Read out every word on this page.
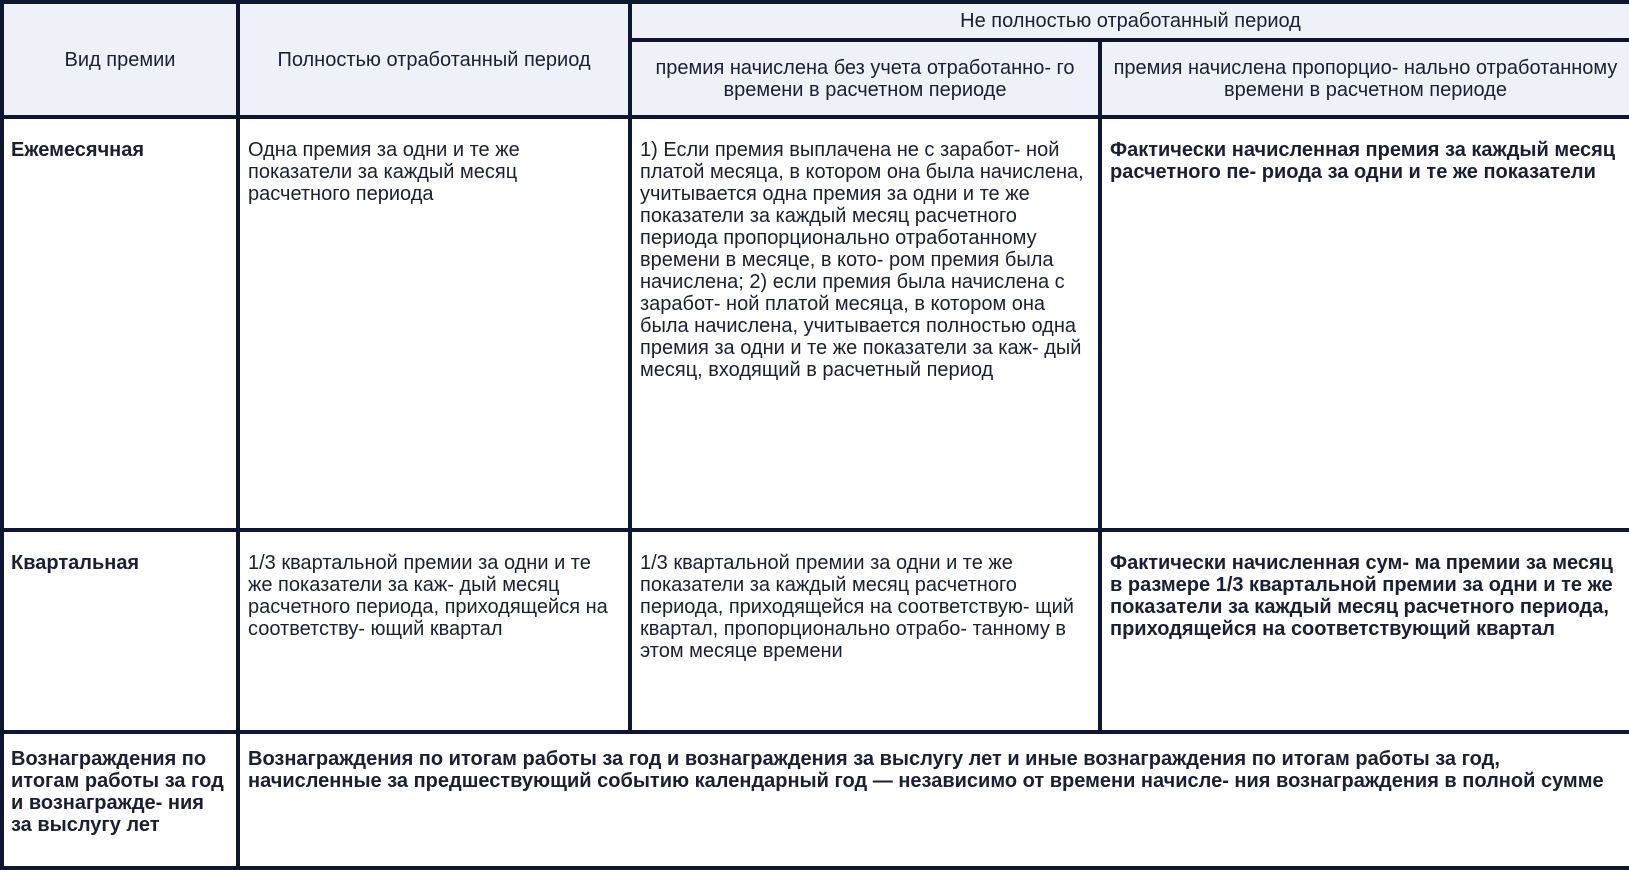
Вид премии	Полностью отработанный период	Не полностью отработанный период	
		премия начислена без учета отработанно- го времени в расчетном периоде	премия начислена пропорцио- нально отработанному времени в расчетном периоде
Ежемесячная	Одна премия за одни и те же показатели за каждый месяц расчетного периода	1) Если премия выплачена не с заработ- ной платой месяца, в котором она была начислена, учитывается одна премия за одни и те же показатели за каждый месяц расчетного периода пропорционально отработанному времени в месяце, в кото- ром премия была начислена; 2) если премия была начислена с заработ- ной платой месяца, в котором она была начислена, учитывается полностью одна премия за одни и те же показатели за каж- дый месяц, входящий в расчетный период	Фактически начисленная премия за каждый месяц расчетного пе- риода за одни и те же показатели
Квартальная	1/3 квартальной премии за одни и те же показатели за каж- дый месяц расчетного периода, приходящейся на соответству- ющий квартал	1/3 квартальной премии за одни и те же показатели за каждый месяц расчетного периода, приходящейся на соответствую- щий квартал, пропорционально отрабо- танному в этом месяце времени	Фактически начисленная сум- ма премии за месяц в размере 1/3 квартальной премии за одни и те же показатели за каждый месяц расчетного периода, приходящейся на соответствующий квартал
Вознаграждения по итогам работы за год и вознагражде- ния за выслугу лет	Вознаграждения по итогам работы за год и вознаграждения за выслугу лет и иные вознаграждения по итогам работы за год, начисленные за предшествующий событию календарный год — независимо от времени начисле- ния вознаграждения в полной сумме		
